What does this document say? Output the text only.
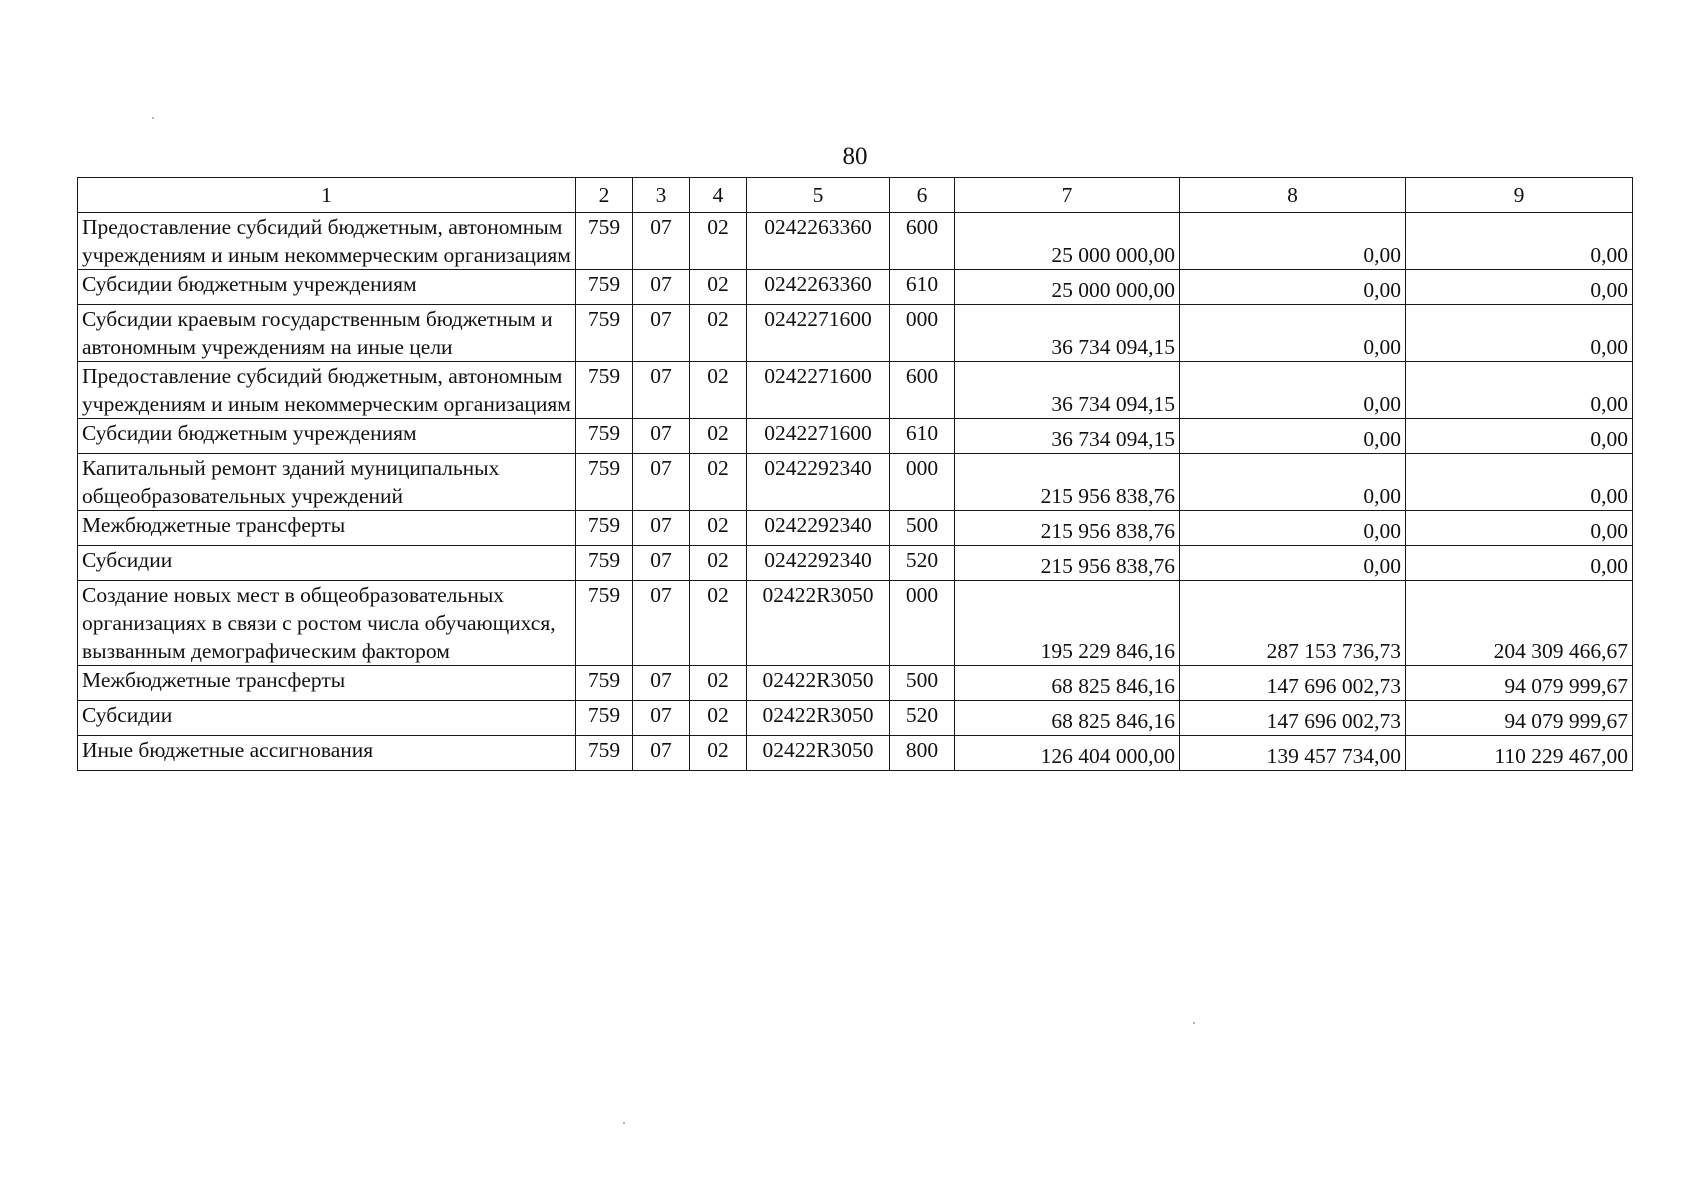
80
1	2	3	4	5	6	7	8	9
Предоставление субсидий бюджетным, автономным учреждениям и иным некоммерческим организациям	759	07	02	0242263360	600	25 000 000,00	0,00	0,00
Субсидии бюджетным учреждениям	759	07	02	0242263360	610	25 000 000,00	0,00	0,00
Субсидии краевым государственным бюджетным и автономным учреждениям на иные цели	759	07	02	0242271600	000	36 734 094,15	0,00	0,00
Предоставление субсидий бюджетным, автономным учреждениям и иным некоммерческим организациям	759	07	02	0242271600	600	36 734 094,15	0,00	0,00
Субсидии бюджетным учреждениям	759	07	02	0242271600	610	36 734 094,15	0,00	0,00
Капитальный ремонт зданий муниципальных общеобразовательных учреждений	759	07	02	0242292340	000	215 956 838,76	0,00	0,00
Межбюджетные трансферты	759	07	02	0242292340	500	215 956 838,76	0,00	0,00
Субсидии	759	07	02	0242292340	520	215 956 838,76	0,00	0,00
Создание новых мест в общеобразовательных организациях в связи с ростом числа обучающихся, вызванным демографическим фактором	759	07	02	02422R3050	000	195 229 846,16	287 153 736,73	204 309 466,67
Межбюджетные трансферты	759	07	02	02422R3050	500	68 825 846,16	147 696 002,73	94 079 999,67
Субсидии	759	07	02	02422R3050	520	68 825 846,16	147 696 002,73	94 079 999,67
Иные бюджетные ассигнования	759	07	02	02422R3050	800	126 404 000,00	139 457 734,00	110 229 467,00
